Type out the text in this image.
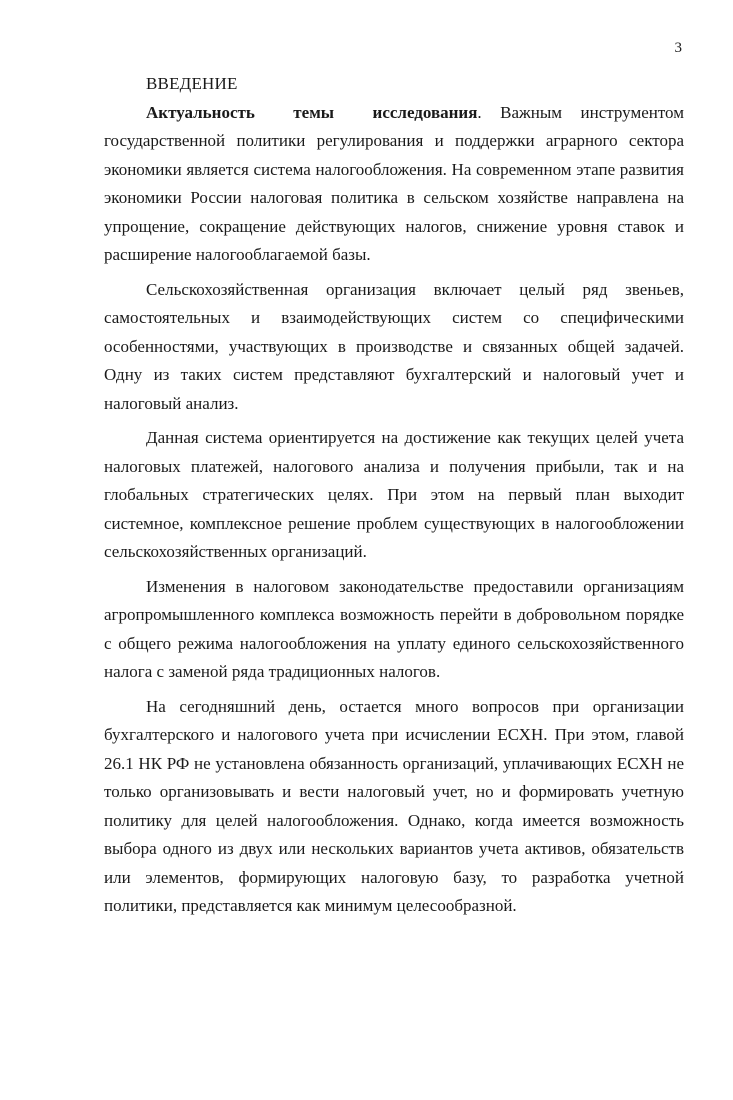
3
ВВЕДЕНИЕ

Актуальность темы исследования. Важным инструментом государственной политики регулирования и поддержки аграрного сектора экономики является система налогообложения. На современном этапе развития экономики России налоговая политика в сельском хозяйстве направлена на упрощение, сокращение действующих налогов, снижение уровня ставок и расширение налогооблагаемой базы.

Сельскохозяйственная организация включает целый ряд звеньев, самостоятельных и взаимодействующих систем со специфическими особенностями, участвующих в производстве и связанных общей задачей. Одну из таких систем представляют бухгалтерский и налоговый учет и налоговый анализ.

Данная система ориентируется на достижение как текущих целей учета налоговых платежей, налогового анализа и получения прибыли, так и на глобальных стратегических целях. При этом на первый план выходит системное, комплексное решение проблем существующих в налогообложении сельскохозяйственных организаций.

Изменения в налоговом законодательстве предоставили организациям агропромышленного комплекса возможность перейти в добровольном порядке с общего режима налогообложения на уплату единого сельскохозяйственного налога с заменой ряда традиционных налогов.

На сегодняшний день, остается много вопросов при организации бухгалтерского и налогового учета при исчислении ЕСХН. При этом, главой 26.1 НК РФ не установлена обязанность организаций, уплачивающих ЕСХН не только организовывать и вести налоговый учет, но и формировать учетную политику для целей налогообложения. Однако, когда имеется возможность выбора одного из двух или нескольких вариантов учета активов, обязательств или элементов, формирующих налоговую базу, то разработка учетной политики, представляется как минимум целесообразной.
